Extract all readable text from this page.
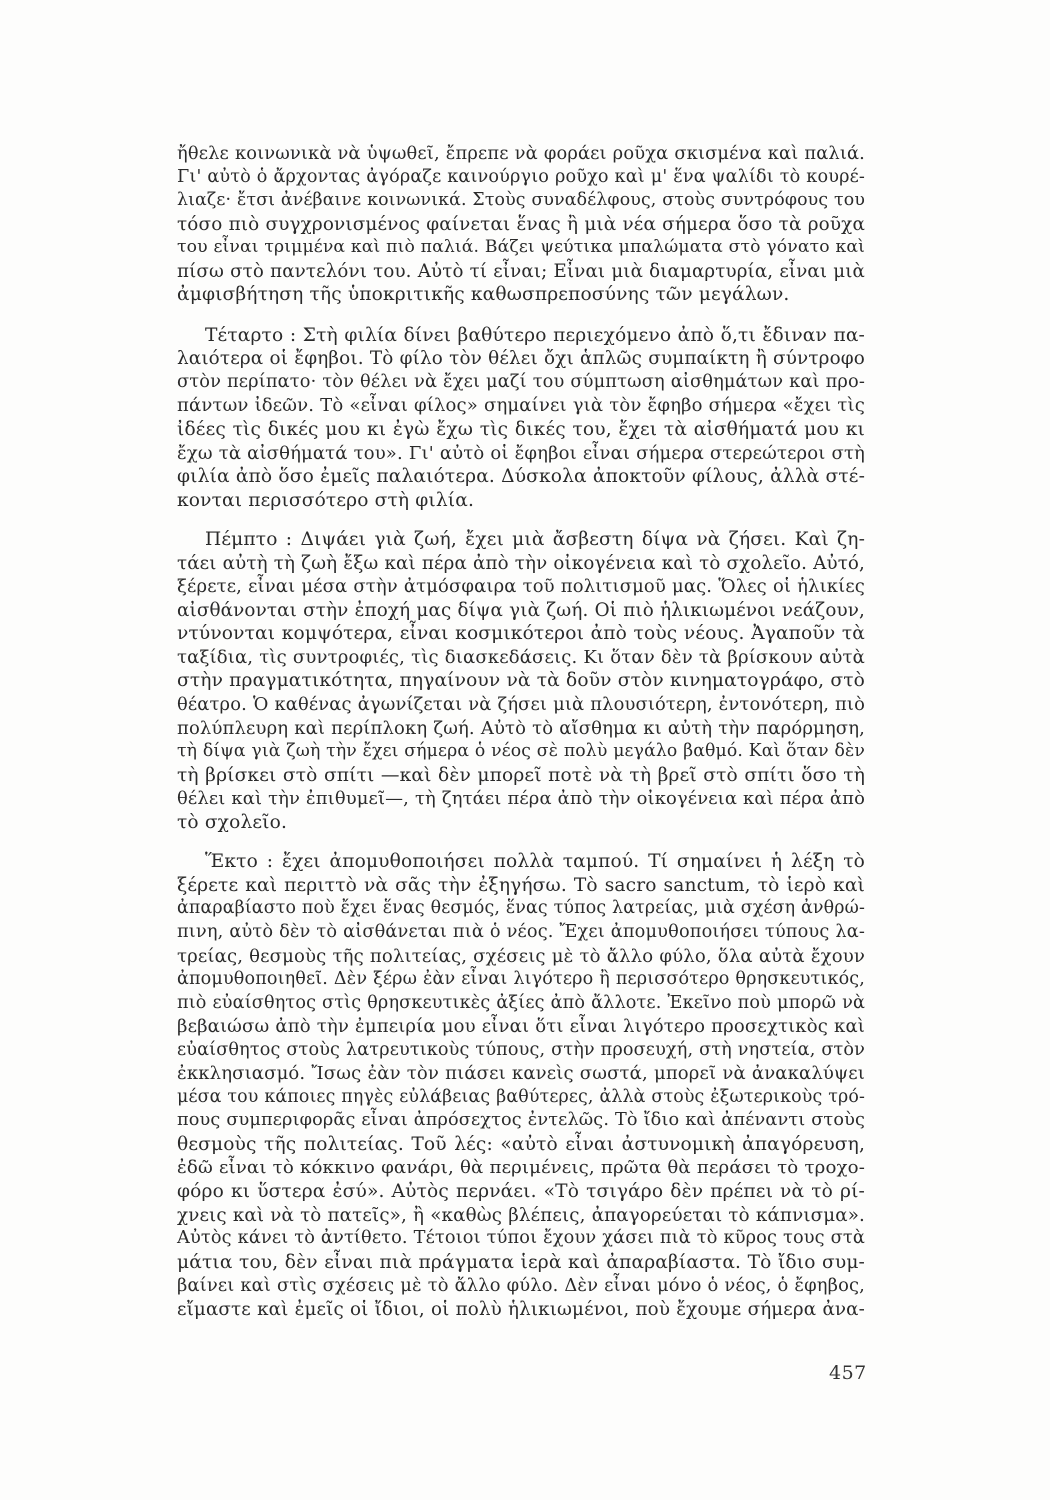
ἤθελε κοινωνικὰ νὰ ὑψωθεῖ, ἔπρεπε νὰ φοράει ροῦχα σκισμένα καὶ παλιά.
Γι' αὐτὸ ὁ ἄρχοντας ἀγόραζε καινούργιο ροῦχο καὶ μ' ἕνα ψαλίδι τὸ κουρέ-
λιαζε· ἔτσι ἀνέβαινε κοινωνικά. Στοὺς συναδέλφους, στοὺς συντρόφους του
τόσο πιὸ συγχρονισμένος φαίνεται ἕνας ἢ μιὰ νέα σήμερα ὅσο τὰ ροῦχα
του εἶναι τριμμένα καὶ πιὸ παλιά. Βάζει ψεύτικα μπαλώματα στὸ γόνατο καὶ
πίσω στὸ παντελόνι του. Αὐτὸ τί εἶναι; Εἶναι μιὰ διαμαρτυρία, εἶναι μιὰ
ἀμφισβήτηση τῆς ὑποκριτικῆς καθωσπρεποσύνης τῶν μεγάλων.

Τέταρτο : Στὴ φιλία δίνει βαθύτερο περιεχόμενο ἀπὸ ὅ,τι ἔδιναν πα-
λαιότερα οἱ ἔφηβοι. Τὸ φίλο τὸν θέλει ὄχι ἁπλῶς συμπαίκτη ἢ σύντροφο
στὸν περίπατο· τὸν θέλει νὰ ἔχει μαζί του σύμπτωση αἰσθημάτων καὶ προ-
πάντων ἰδεῶν. Τὸ «εἶναι φίλος» σημαίνει γιὰ τὸν ἔφηβο σήμερα «ἔχει τὶς
ἰδέες τὶς δικές μου κι ἐγὼ ἔχω τὶς δικές του, ἔχει τὰ αἰσθήματά μου κι
ἔχω τὰ αἰσθήματά του». Γι' αὐτὸ οἱ ἔφηβοι εἶναι σήμερα στερεώτεροι στὴ
φιλία ἀπὸ ὅσο ἐμεῖς παλαιότερα. Δύσκολα ἀποκτοῦν φίλους, ἀλλὰ στέ-
κονται περισσότερο στὴ φιλία.

Πέμπτο : Διψάει γιὰ ζωή, ἔχει μιὰ ἄσβεστη δίψα νὰ ζήσει. Καὶ ζη-
τάει αὐτὴ τὴ ζωὴ ἔξω καὶ πέρα ἀπὸ τὴν οἰκογένεια καὶ τὸ σχολεῖο. Αὐτό,
ξέρετε, εἶναι μέσα στὴν ἀτμόσφαιρα τοῦ πολιτισμοῦ μας. Ὅλες οἱ ἡλικίες
αἰσθάνονται στὴν ἐποχή μας δίψα γιὰ ζωή. Οἱ πιὸ ἡλικιωμένοι νεάζουν,
ντύνονται κομψότερα, εἶναι κοσμικότεροι ἀπὸ τοὺς νέους. Ἀγαποῦν τὰ
ταξίδια, τὶς συντροφιές, τὶς διασκεδάσεις. Κι ὅταν δὲν τὰ βρίσκουν αὐτὰ
στὴν πραγματικότητα, πηγαίνουν νὰ τὰ δοῦν στὸν κινηματογράφο, στὸ
θέατρο. Ὁ καθένας ἀγωνίζεται νὰ ζήσει μιὰ πλουσιότερη, ἐντονότερη, πιὸ
πολύπλευρη καὶ περίπλοκη ζωή. Αὐτὸ τὸ αἴσθημα κι αὐτὴ τὴν παρόρμηση,
τὴ δίψα γιὰ ζωὴ τὴν ἔχει σήμερα ὁ νέος σὲ πολὺ μεγάλο βαθμό. Καὶ ὅταν δὲν
τὴ βρίσκει στὸ σπίτι —καὶ δὲν μπορεῖ ποτὲ νὰ τὴ βρεῖ στὸ σπίτι ὅσο τὴ
θέλει καὶ τὴν ἐπιθυμεῖ—, τὴ ζητάει πέρα ἀπὸ τὴν οἰκογένεια καὶ πέρα ἀπὸ
τὸ σχολεῖο.

Ἕκτο : ἔχει ἀπομυθοποιήσει πολλὰ ταμπού. Τί σημαίνει ἡ λέξη τὸ
ξέρετε καὶ περιττὸ νὰ σᾶς τὴν ἐξηγήσω. Τὸ sacro sanctum, τὸ ἱερὸ καὶ
ἀπαραβίαστο ποὺ ἔχει ἕνας θεσμός, ἕνας τύπος λατρείας, μιὰ σχέση ἀνθρώ-
πινη, αὐτὸ δὲν τὸ αἰσθάνεται πιὰ ὁ νέος. Ἔχει ἀπομυθοποιήσει τύπους λα-
τρείας, θεσμοὺς τῆς πολιτείας, σχέσεις μὲ τὸ ἄλλο φύλο, ὅλα αὐτὰ ἔχουν
ἀπομυθοποιηθεῖ. Δὲν ξέρω ἐὰν εἶναι λιγότερο ἢ περισσότερο θρησκευτικός,
πιὸ εὐαίσθητος στὶς θρησκευτικὲς ἀξίες ἀπὸ ἄλλοτε. Ἐκεῖνο ποὺ μπορῶ νὰ
βεβαιώσω ἀπὸ τὴν ἐμπειρία μου εἶναι ὅτι εἶναι λιγότερο προσεχτικὸς καὶ
εὐαίσθητος στοὺς λατρευτικοὺς τύπους, στὴν προσευχή, στὴ νηστεία, στὸν
ἐκκλησιασμό. Ἴσως ἐὰν τὸν πιάσει κανεὶς σωστά, μπορεῖ νὰ ἀνακαλύψει
μέσα του κάποιες πηγὲς εὐλάβειας βαθύτερες, ἀλλὰ στοὺς ἐξωτερικοὺς τρό-
πους συμπεριφορᾶς εἶναι ἀπρόσεχτος ἐντελῶς. Τὸ ἴδιο καὶ ἀπέναντι στοὺς
θεσμοὺς τῆς πολιτείας. Τοῦ λές: «αὐτὸ εἶναι ἀστυνομικὴ ἀπαγόρευση,
ἐδῶ εἶναι τὸ κόκκινο φανάρι, θὰ περιμένεις, πρῶτα θὰ περάσει τὸ τροχο-
φόρο κι ὕστερα ἐσύ». Αὐτὸς περνάει. «Τὸ τσιγάρο δὲν πρέπει νὰ τὸ ρί-
χνεις καὶ νὰ τὸ πατεῖς», ἢ «καθὼς βλέπεις, ἀπαγορεύεται τὸ κάπνισμα».
Αὐτὸς κάνει τὸ ἀντίθετο. Τέτοιοι τύποι ἔχουν χάσει πιὰ τὸ κῦρος τους στὰ
μάτια του, δὲν εἶναι πιὰ πράγματα ἱερὰ καὶ ἀπαραβίαστα. Τὸ ἴδιο συμ-
βαίνει καὶ στὶς σχέσεις μὲ τὸ ἄλλο φύλο. Δὲν εἶναι μόνο ὁ νέος, ὁ ἔφηβος,
εἴμαστε καὶ ἐμεῖς οἱ ἴδιοι, οἱ πολὺ ἡλικιωμένοι, ποὺ ἔχουμε σήμερα ἀνα-

457
